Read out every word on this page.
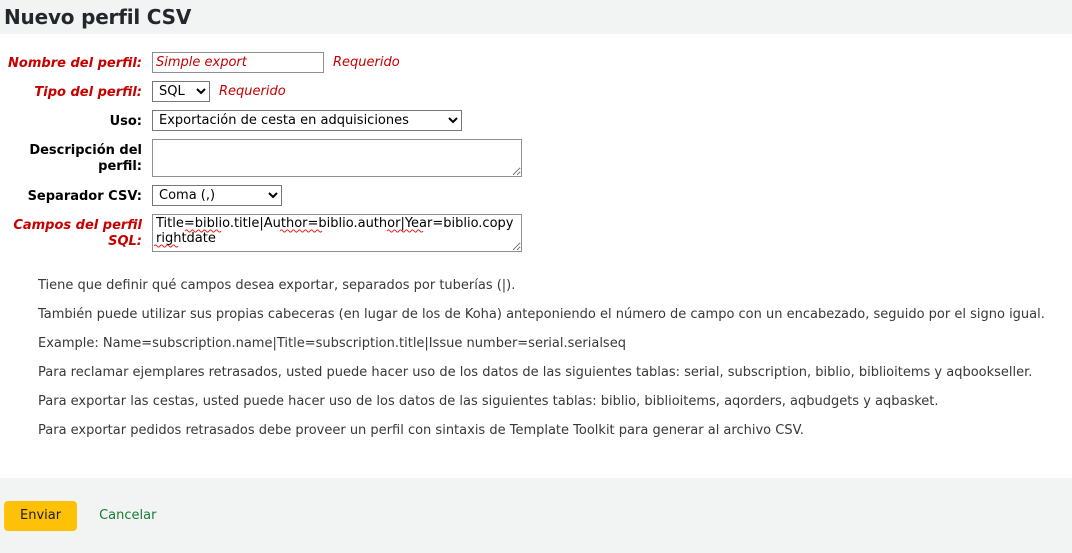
Nuevo perfil CSV
Nombre del perfil:
Simple export	Requerido
Tipo del perfil:
SQL	Requerido
Uso:
Exportación de cesta en adquisiciones
Descripción del perfil:
Separador CSV:
Coma (,)
Campos del perfil SQL:
Title=biblio.title|Author=biblio.author|Year=biblio.copyrightdate
Tiene que definir qué campos desea exportar, separados por tuberías (|).
También puede utilizar sus propias cabeceras (en lugar de los de Koha) anteponiendo el número de campo con un encabezado, seguido por el signo igual.
Example: Name=subscription.name|Title=subscription.title|Issue number=serial.serialseq
Para reclamar ejemplares retrasados, usted puede hacer uso de los datos de las siguientes tablas: serial, subscription, biblio, biblioitems y aqbookseller.
Para exportar las cestas, usted puede hacer uso de los datos de las siguientes tablas: biblio, biblioitems, aqorders, aqbudgets y aqbasket.
Para exportar pedidos retrasados debe proveer un perfil con sintaxis de Template Toolkit para generar al archivo CSV.
Enviar	Cancelar
